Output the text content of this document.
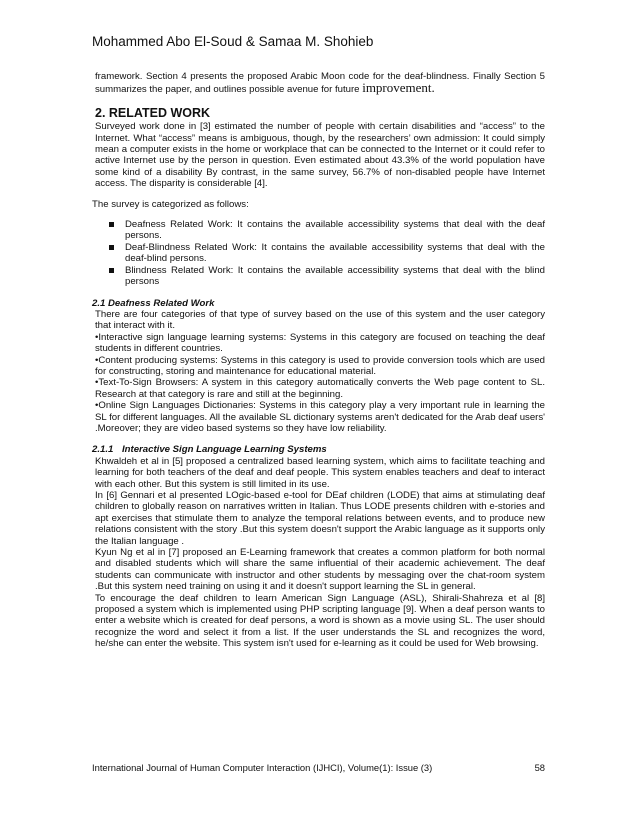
Mohammed Abo El-Soud & Samaa M. Shohieb
framework. Section 4 presents the proposed Arabic Moon code for the deaf-blindness. Finally Section 5 summarizes the paper, and outlines possible avenue for future improvement.
2. RELATED WORK
Surveyed work done in [3] estimated the number of people with certain disabilities and “access” to the Internet. What “access” means is ambiguous, though, by the researchers’ own admission: It could simply mean a computer exists in the home or workplace that can be connected to the Internet or it could refer to active Internet use by the person in question. Even estimated about 43.3% of the world population have some kind of a disability By contrast, in the same survey, 56.7% of non-disabled people have Internet access. The disparity is considerable [4].
The survey is categorized as follows:
Deafness Related Work: It contains the available accessibility systems that deal with the deaf persons.
Deaf-Blindness Related Work: It contains the available accessibility systems that deal with the deaf-blind persons.
Blindness Related Work: It contains the available accessibility systems that deal with the blind persons
2.1 Deafness Related Work
There are four categories of that type of survey based on the use of this system and the user category that interact with it.
•Interactive sign language learning systems: Systems in this category are focused on teaching the deaf students in different countries.
•Content producing systems: Systems in this category is used to provide conversion tools which are used for constructing, storing and maintenance for educational material.
•Text-To-Sign Browsers: A system in this category automatically converts the Web page content to SL. Research at that category is rare and still at the beginning.
•Online Sign Languages Dictionaries: Systems in this category play a very important rule in learning the SL for different languages. All the available SL dictionary systems aren't dedicated for the Arab deaf users' .Moreover; they are video based systems so they have low reliability.
2.1.1 Interactive Sign Language Learning Systems
Khwaldeh et al in [5] proposed a centralized based learning system, which aims to facilitate teaching and learning for both teachers of the deaf and deaf people. This system enables teachers and deaf to interact with each other. But this system is still limited in its use.
In [6] Gennari et al presented LOgic-based e-tool for DEaf children (LODE) that aims at stimulating deaf children to globally reason on narratives written in Italian. Thus LODE presents children with e-stories and apt exercises that stimulate them to analyze the temporal relations between events, and to produce new relations consistent with the story .But this system doesn't support the Arabic language as it supports only the Italian language .
Kyun Ng et al in [7] proposed an E-Learning framework that creates a common platform for both normal and disabled students which will share the same influential of their academic achievement. The deaf students can communicate with instructor and other students by messaging over the chat-room system .But this system need training on using it and it doesn't support learning the SL in general.
To encourage the deaf children to learn American Sign Language (ASL), Shirali-Shahreza et al [8] proposed a system which is implemented using PHP scripting language [9]. When a deaf person wants to enter a website which is created for deaf persons, a word is shown as a movie using SL. The user should recognize the word and select it from a list. If the user understands the SL and recognizes the word, he/she can enter the website. This system isn't used for e-learning as it could be used for Web browsing.
International Journal of Human Computer Interaction (IJHCI), Volume(1): Issue (3)	58
